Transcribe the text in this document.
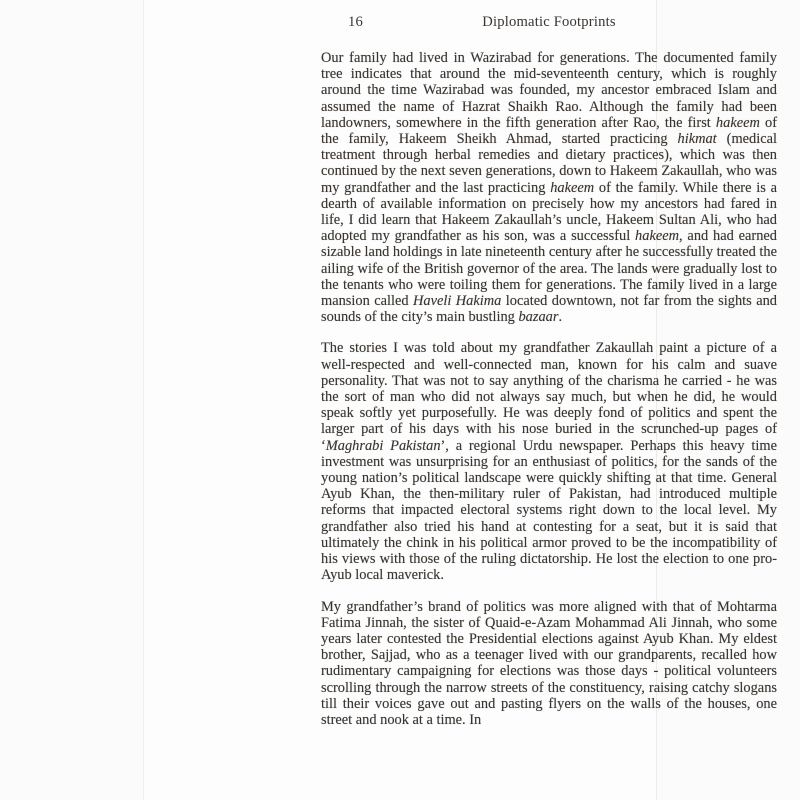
16	Diplomatic Footprints

Our family had lived in Wazirabad for generations. The documented family tree indicates that around the mid-seventeenth century, which is roughly around the time Wazirabad was founded, my ancestor embraced Islam and assumed the name of Hazrat Shaikh Rao. Although the family had been landowners, somewhere in the fifth generation after Rao, the first hakeem of the family, Hakeem Sheikh Ahmad, started practicing hikmat (medical treatment through herbal remedies and dietary practices), which was then continued by the next seven generations, down to Hakeem Zakaullah, who was my grandfather and the last practicing hakeem of the family. While there is a dearth of available information on precisely how my ancestors had fared in life, I did learn that Hakeem Zakaullah’s uncle, Hakeem Sultan Ali, who had adopted my grandfather as his son, was a successful hakeem, and had earned sizable land holdings in late nineteenth century after he successfully treated the ailing wife of the British governor of the area. The lands were gradually lost to the tenants who were toiling them for generations. The family lived in a large mansion called Haveli Hakima located downtown, not far from the sights and sounds of the city’s main bustling bazaar.

The stories I was told about my grandfather Zakaullah paint a picture of a well-respected and well-connected man, known for his calm and suave personality. That was not to say anything of the charisma he carried - he was the sort of man who did not always say much, but when he did, he would speak softly yet purposefully. He was deeply fond of politics and spent the larger part of his days with his nose buried in the scrunched-up pages of ‘Maghrabi Pakistan’, a regional Urdu newspaper. Perhaps this heavy time investment was unsurprising for an enthusiast of politics, for the sands of the young nation’s political landscape were quickly shifting at that time. General Ayub Khan, the then-military ruler of Pakistan, had introduced multiple reforms that impacted electoral systems right down to the local level. My grandfather also tried his hand at contesting for a seat, but it is said that ultimately the chink in his political armor proved to be the incompatibility of his views with those of the ruling dictatorship. He lost the election to one pro-Ayub local maverick.

My grandfather’s brand of politics was more aligned with that of Mohtarma Fatima Jinnah, the sister of Quaid-e-Azam Mohammad Ali Jinnah, who some years later contested the Presidential elections against Ayub Khan. My eldest brother, Sajjad, who as a teenager lived with our grandparents, recalled how rudimentary campaigning for elections was those days - political volunteers scrolling through the narrow streets of the constituency, raising catchy slogans till their voices gave out and pasting flyers on the walls of the houses, one street and nook at a time. In
